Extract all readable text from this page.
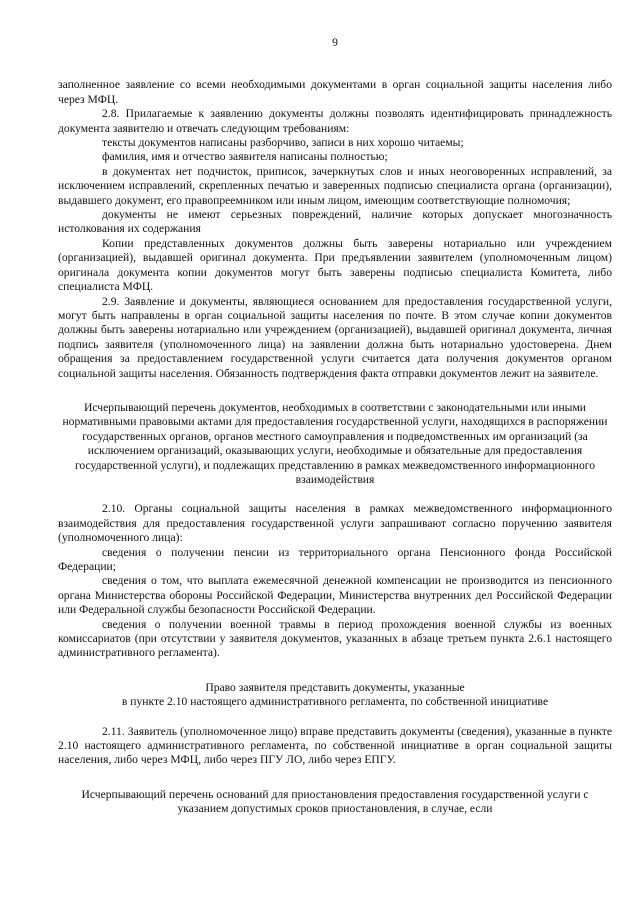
9

заполненное заявление со всеми необходимыми документами в орган социальной защиты населения либо через МФЦ.

2.8. Прилагаемые к заявлению документы должны позволять идентифицировать принадлежность документа заявителю и отвечать следующим требованиям:

тексты документов написаны разборчиво, записи в них хорошо читаемы;

фамилия, имя и отчество заявителя написаны полностью;

в документах нет подчисток, приписок, зачеркнутых слов и иных неоговоренных исправлений, за исключением исправлений, скрепленных печатью и заверенных подписью специалиста органа (организации), выдавшего документ, его правопреемником или иным лицом, имеющим соответствующие полномочия;

документы не имеют серьезных повреждений, наличие которых допускает многозначность истолкования их содержания

Копии представленных документов должны быть заверены нотариально или учреждением (организацией), выдавшей оригинал документа. При предъявлении заявителем (уполномоченным лицом) оригинала документа копии документов могут быть заверены подписью специалиста Комитета, либо специалиста МФЦ.

2.9. Заявление и документы, являющиеся основанием для предоставления государственной услуги, могут быть направлены в орган социальной защиты населения по почте. В этом случае копии документов должны быть заверены нотариально или учреждением (организацией), выдавшей оригинал документа, личная подпись заявителя (уполномоченного лица) на заявлении должна быть нотариально удостоверена. Днем обращения за предоставлением государственной услуги считается дата получения документов органом социальной защиты населения. Обязанность подтверждения факта отправки документов лежит на заявителе.

Исчерпывающий перечень документов, необходимых в соответствии с законодательными или иными нормативными правовыми актами для предоставления государственной услуги, находящихся в распоряжении государственных органов, органов местного самоуправления и подведомственных им организаций (за исключением организаций, оказывающих услуги, необходимые и обязательные для предоставления государственной услуги), и подлежащих представлению в рамках межведомственного информационного взаимодействия

2.10. Органы социальной защиты населения в рамках межведомственного информационного взаимодействия для предоставления государственной услуги запрашивают согласно поручению заявителя (уполномоченного лица):

сведения о получении пенсии из территориального органа Пенсионного фонда Российской Федерации;

сведения о том, что выплата ежемесячной денежной компенсации не производится из пенсионного органа Министерства обороны Российской Федерации, Министерства внутренних дел Российской Федерации или Федеральной службы безопасности Российской Федерации.

сведения о получении военной травмы в период прохождения военной службы из военных комиссариатов (при отсутствии у заявителя документов, указанных в абзаце третьем пункта 2.6.1 настоящего административного регламента).

Право заявителя представить документы, указанные

в пункте 2.10 настоящего административного регламента, по собственной инициативе

2.11. Заявитель (уполномоченное лицо) вправе представить документы (сведения), указанные в пункте 2.10 настоящего административного регламента, по собственной инициативе в орган социальной защиты населения, либо через МФЦ, либо через ПГУ ЛО, либо через ЕПГУ.

Исчерпывающий перечень оснований для приостановления предоставления государственной услуги с указанием допустимых сроков приостановления, в случае, если
